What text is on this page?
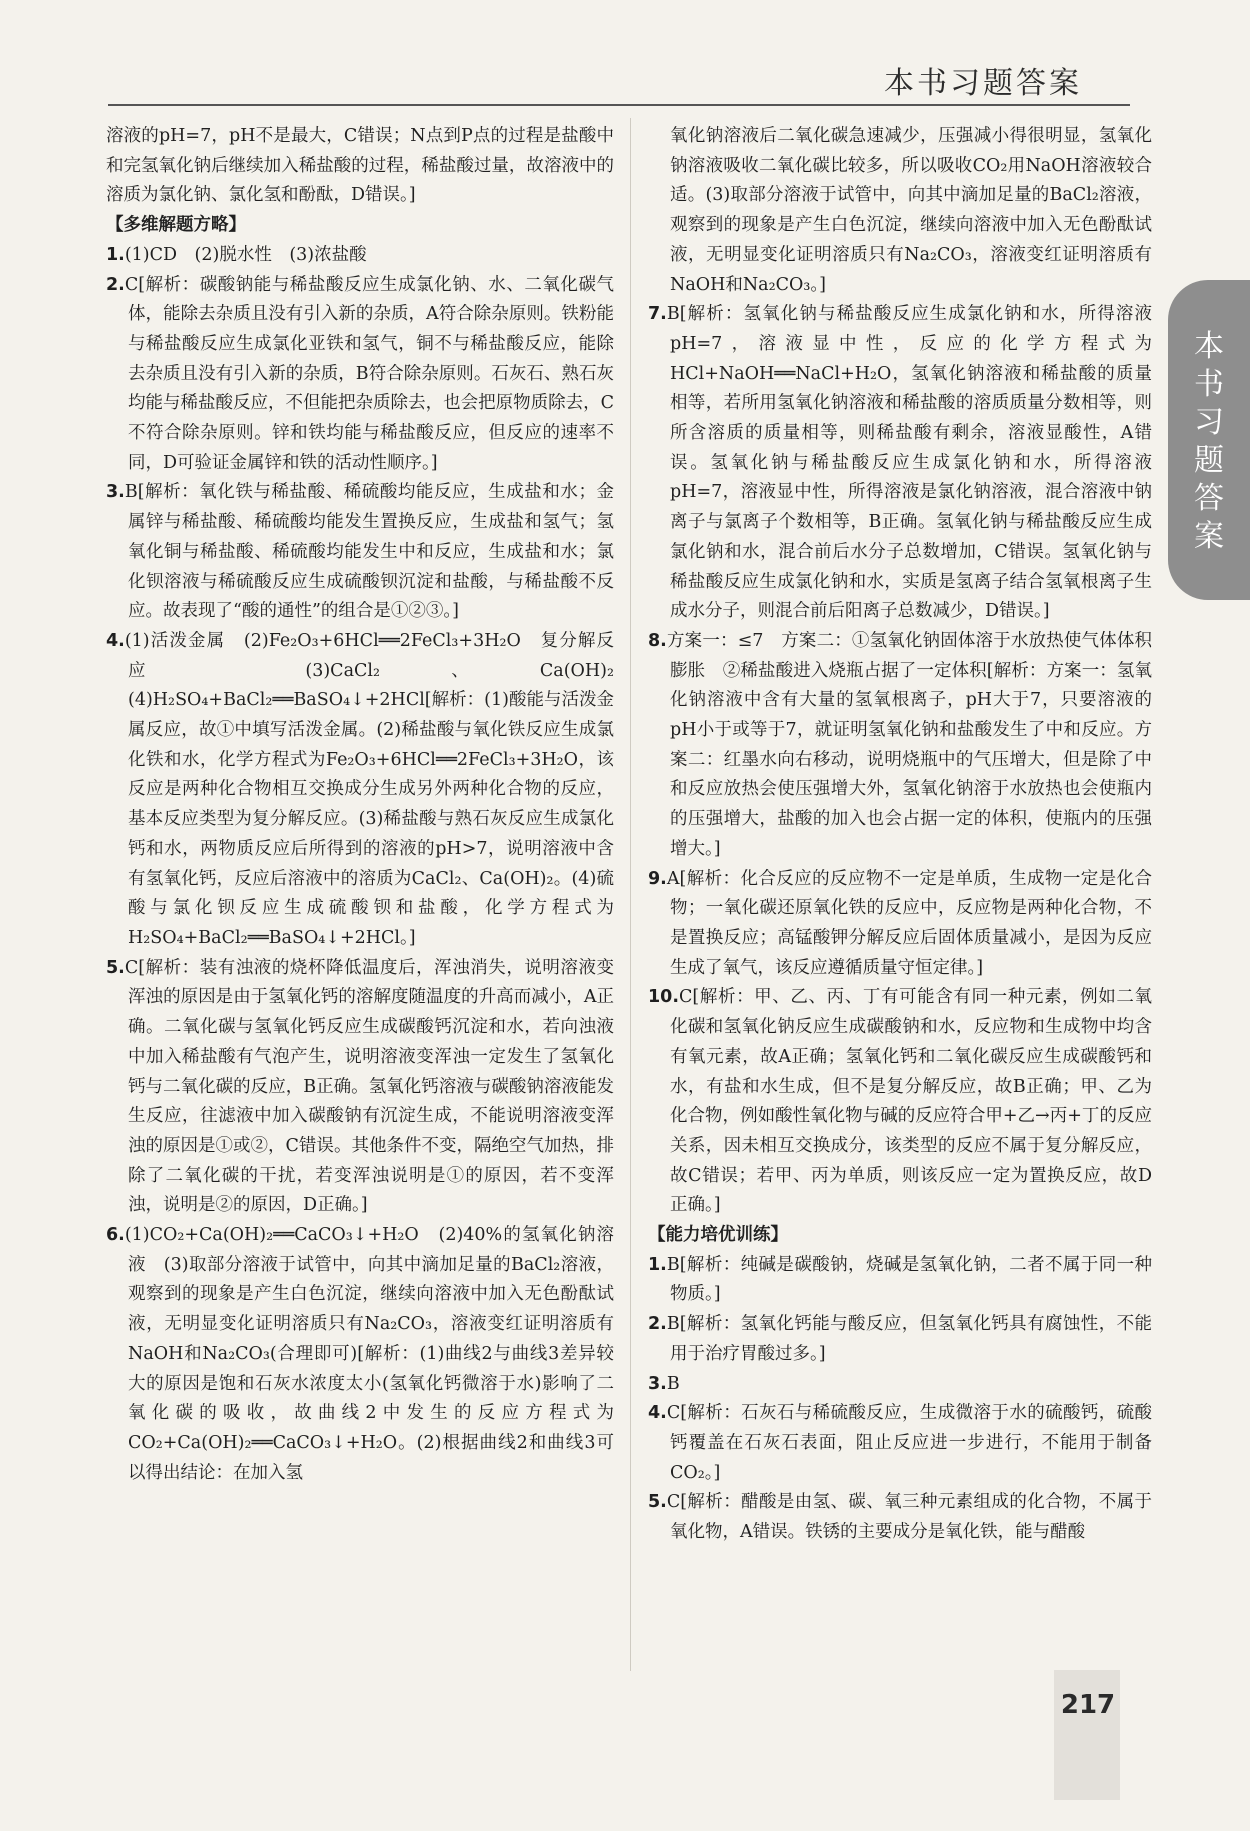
本书习题答案
本书习题答案

溶液的pH=7，pH不是最大，C错误；N点到P点的过程是盐酸中和完氢氧化钠后继续加入稀盐酸的过程，稀盐酸过量，故溶液中的溶质为氯化钠、氯化氢和酚酞，D错误。]

【多维解题方略】

1.(1)CD　(2)脱水性　(3)浓盐酸

2.C[解析：碳酸钠能与稀盐酸反应生成氯化钠、水、二氧化碳气体，能除去杂质且没有引入新的杂质，A符合除杂原则。铁粉能与稀盐酸反应生成氯化亚铁和氢气，铜不与稀盐酸反应，能除去杂质且没有引入新的杂质，B符合除杂原则。石灰石、熟石灰均能与稀盐酸反应，不但能把杂质除去，也会把原物质除去，C不符合除杂原则。锌和铁均能与稀盐酸反应，但反应的速率不同，D可验证金属锌和铁的活动性顺序。]

3.B[解析：氧化铁与稀盐酸、稀硫酸均能反应，生成盐和水；金属锌与稀盐酸、稀硫酸均能发生置换反应，生成盐和氢气；氢氧化铜与稀盐酸、稀硫酸均能发生中和反应，生成盐和水；氯化钡溶液与稀硫酸反应生成硫酸钡沉淀和盐酸，与稀盐酸不反应。故表现了“酸的通性”的组合是①②③。]

4.(1)活泼金属　(2)Fe₂O₃+6HCl══2FeCl₃+3H₂O　复分解反应　(3)CaCl₂、Ca(OH)₂　(4)H₂SO₄+BaCl₂══BaSO₄↓+2HCl[解析：(1)酸能与活泼金属反应，故①中填写活泼金属。(2)稀盐酸与氧化铁反应生成氯化铁和水，化学方程式为Fe₂O₃+6HCl══2FeCl₃+3H₂O，该反应是两种化合物相互交换成分生成另外两种化合物的反应，基本反应类型为复分解反应。(3)稀盐酸与熟石灰反应生成氯化钙和水，两物质反应后所得到的溶液的pH>7，说明溶液中含有氢氧化钙，反应后溶液中的溶质为CaCl₂、Ca(OH)₂。(4)硫酸与氯化钡反应生成硫酸钡和盐酸，化学方程式为H₂SO₄+BaCl₂══BaSO₄↓+2HCl。]

5.C[解析：装有浊液的烧杯降低温度后，浑浊消失，说明溶液变浑浊的原因是由于氢氧化钙的溶解度随温度的升高而减小，A正确。二氧化碳与氢氧化钙反应生成碳酸钙沉淀和水，若向浊液中加入稀盐酸有气泡产生，说明溶液变浑浊一定发生了氢氧化钙与二氧化碳的反应，B正确。氢氧化钙溶液与碳酸钠溶液能发生反应，往滤液中加入碳酸钠有沉淀生成，不能说明溶液变浑浊的原因是①或②，C错误。其他条件不变，隔绝空气加热，排除了二氧化碳的干扰，若变浑浊说明是①的原因，若不变浑浊，说明是②的原因，D正确。]

6.(1)CO₂+Ca(OH)₂══CaCO₃↓+H₂O　(2)40%的氢氧化钠溶液　(3)取部分溶液于试管中，向其中滴加足量的BaCl₂溶液，观察到的现象是产生白色沉淀，继续向溶液中加入无色酚酞试液，无明显变化证明溶质只有Na₂CO₃，溶液变红证明溶质有NaOH和Na₂CO₃(合理即可)[解析：(1)曲线2与曲线3差异较大的原因是饱和石灰水浓度太小(氢氧化钙微溶于水)影响了二氧化碳的吸收，故曲线2中发生的反应方程式为CO₂+Ca(OH)₂══CaCO₃↓+H₂O。(2)根据曲线2和曲线3可以得出结论：在加入氢

氧化钠溶液后二氧化碳急速减少，压强减小得很明显，氢氧化钠溶液吸收二氧化碳比较多，所以吸收CO₂用NaOH溶液较合适。(3)取部分溶液于试管中，向其中滴加足量的BaCl₂溶液，观察到的现象是产生白色沉淀，继续向溶液中加入无色酚酞试液，无明显变化证明溶质只有Na₂CO₃，溶液变红证明溶质有NaOH和Na₂CO₃。]

7.B[解析：氢氧化钠与稀盐酸反应生成氯化钠和水，所得溶液pH=7，溶液显中性，反应的化学方程式为HCl+NaOH══NaCl+H₂O，氢氧化钠溶液和稀盐酸的质量相等，若所用氢氧化钠溶液和稀盐酸的溶质质量分数相等，则所含溶质的质量相等，则稀盐酸有剩余，溶液显酸性，A错误。氢氧化钠与稀盐酸反应生成氯化钠和水，所得溶液pH=7，溶液显中性，所得溶液是氯化钠溶液，混合溶液中钠离子与氯离子个数相等，B正确。氢氧化钠与稀盐酸反应生成氯化钠和水，混合前后水分子总数增加，C错误。氢氧化钠与稀盐酸反应生成氯化钠和水，实质是氢离子结合氢氧根离子生成水分子，则混合前后阳离子总数减少，D错误。]

8.方案一：≤7　方案二：①氢氧化钠固体溶于水放热使气体体积膨胀　②稀盐酸进入烧瓶占据了一定体积[解析：方案一：氢氧化钠溶液中含有大量的氢氧根离子，pH大于7，只要溶液的pH小于或等于7，就证明氢氧化钠和盐酸发生了中和反应。方案二：红墨水向右移动，说明烧瓶中的气压增大，但是除了中和反应放热会使压强增大外，氢氧化钠溶于水放热也会使瓶内的压强增大，盐酸的加入也会占据一定的体积，使瓶内的压强增大。]

9.A[解析：化合反应的反应物不一定是单质，生成物一定是化合物；一氧化碳还原氧化铁的反应中，反应物是两种化合物，不是置换反应；高锰酸钾分解反应后固体质量减小，是因为反应生成了氧气，该反应遵循质量守恒定律。]

10.C[解析：甲、乙、丙、丁有可能含有同一种元素，例如二氧化碳和氢氧化钠反应生成碳酸钠和水，反应物和生成物中均含有氧元素，故A正确；氢氧化钙和二氧化碳反应生成碳酸钙和水，有盐和水生成，但不是复分解反应，故B正确；甲、乙为化合物，例如酸性氧化物与碱的反应符合甲+乙→丙+丁的反应关系，因未相互交换成分，该类型的反应不属于复分解反应，故C错误；若甲、丙为单质，则该反应一定为置换反应，故D正确。]

【能力培优训练】

1.B[解析：纯碱是碳酸钠，烧碱是氢氧化钠，二者不属于同一种物质。]

2.B[解析：氢氧化钙能与酸反应，但氢氧化钙具有腐蚀性，不能用于治疗胃酸过多。]

3.B

4.C[解析：石灰石与稀硫酸反应，生成微溶于水的硫酸钙，硫酸钙覆盖在石灰石表面，阻止反应进一步进行，不能用于制备CO₂。]

5.C[解析：醋酸是由氢、碳、氧三种元素组成的化合物，不属于氧化物，A错误。铁锈的主要成分是氧化铁，能与醋酸

217
